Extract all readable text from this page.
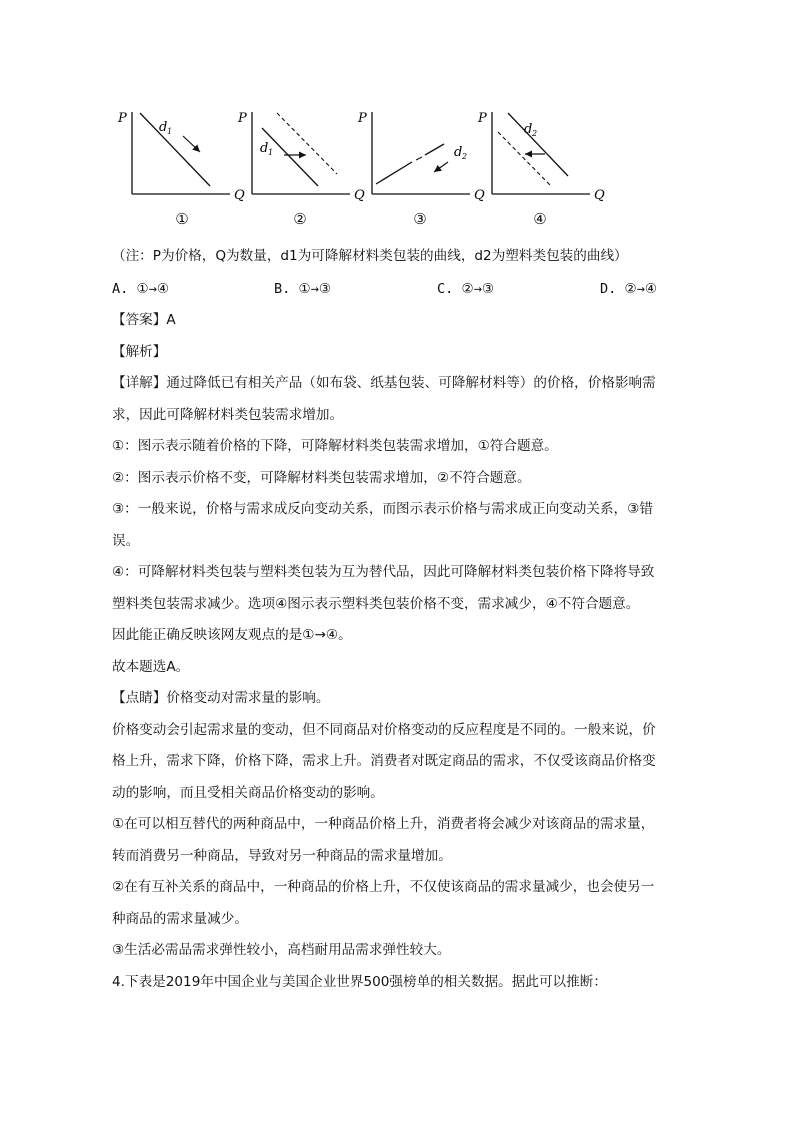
P
Q
d 1
①
P
Q
d 1
②
P
Q
d 2
③
P
Q
d 2
④
（注：P为价格，Q为数量，d1为可降解材料类包装的曲线，d2为塑料类包装的曲线）
A. ①→④	B. ①→③	C. ②→③	D. ②→④
【答案】A
【解析】
【详解】通过降低已有相关产品（如布袋、纸基包装、可降解材料等）的价格，价格影响需
求，因此可降解材料类包装需求增加。
①：图示表示随着价格的下降，可降解材料类包装需求增加，①符合题意。
②：图示表示价格不变，可降解材料类包装需求增加，②不符合题意。
③：一般来说，价格与需求成反向变动关系，而图示表示价格与需求成正向变动关系，③错
误。
④：可降解材料类包装与塑料类包装为互为替代品，因此可降解材料类包装价格下降将导致
塑料类包装需求减少。选项④图示表示塑料类包装价格不变，需求减少，④不符合题意。
因此能正确反映该网友观点的是①→④。
故本题选A。
【点睛】价格变动对需求量的影响。
价格变动会引起需求量的变动，但不同商品对价格变动的反应程度是不同的。一般来说，价
格上升，需求下降，价格下降，需求上升。消费者对既定商品的需求，不仅受该商品价格变
动的影响，而且受相关商品价格变动的影响。
①在可以相互替代的两种商品中，一种商品价格上升，消费者将会减少对该商品的需求量，
转而消费另一种商品，导致对另一种商品的需求量增加。
②在有互补关系的商品中，一种商品的价格上升，不仅使该商品的需求量减少，也会使另一
种商品的需求量减少。
③生活必需品需求弹性较小，高档耐用品需求弹性较大。
4.下表是2019年中国企业与美国企业世界500强榜单的相关数据。据此可以推断：
